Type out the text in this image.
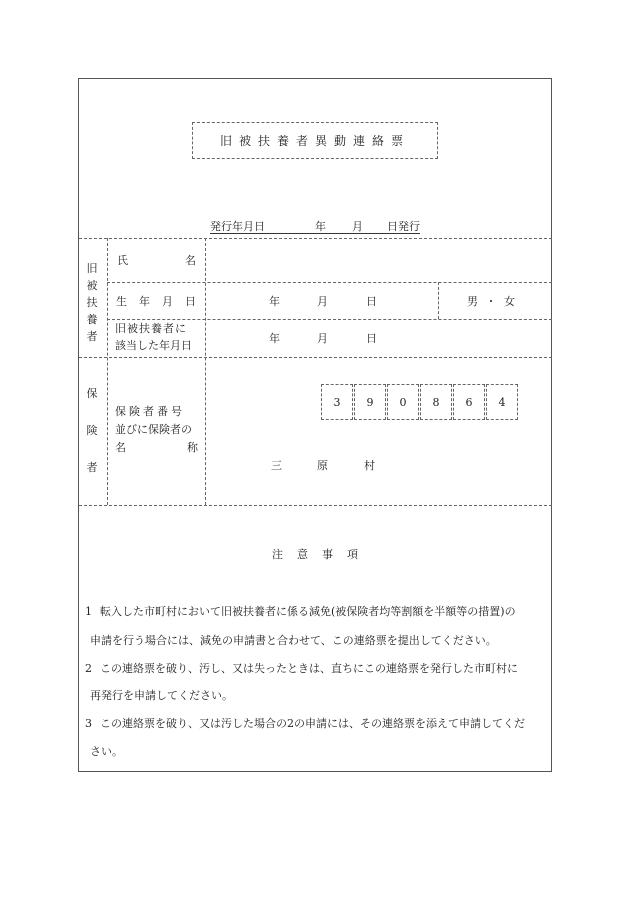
旧被扶養者異動連絡票
発行年月日	年 月 日発行
旧
被
扶
養
者
氏	名
生 年 月 日	年	月	日	男 ・ 女
旧被扶養者に
該当した年月日
年	月	日
保
険
者
保険者番号
並びに保険者の
名	称
3	9	0	8	6	4
三	原	村
注意事項
1 転入した市町村において旧被扶養者に係る減免(被保険者均等割額を半額等の措置)の
申請を行う場合には、減免の申請書と合わせて、この連絡票を提出してください。
2 この連絡票を破り、汚し、又は失ったときは、直ちにこの連絡票を発行した市町村に
再発行を申請してください。
3 この連絡票を破り、又は汚した場合の2の申請には、その連絡票を添えて申請してくだ
さい。
